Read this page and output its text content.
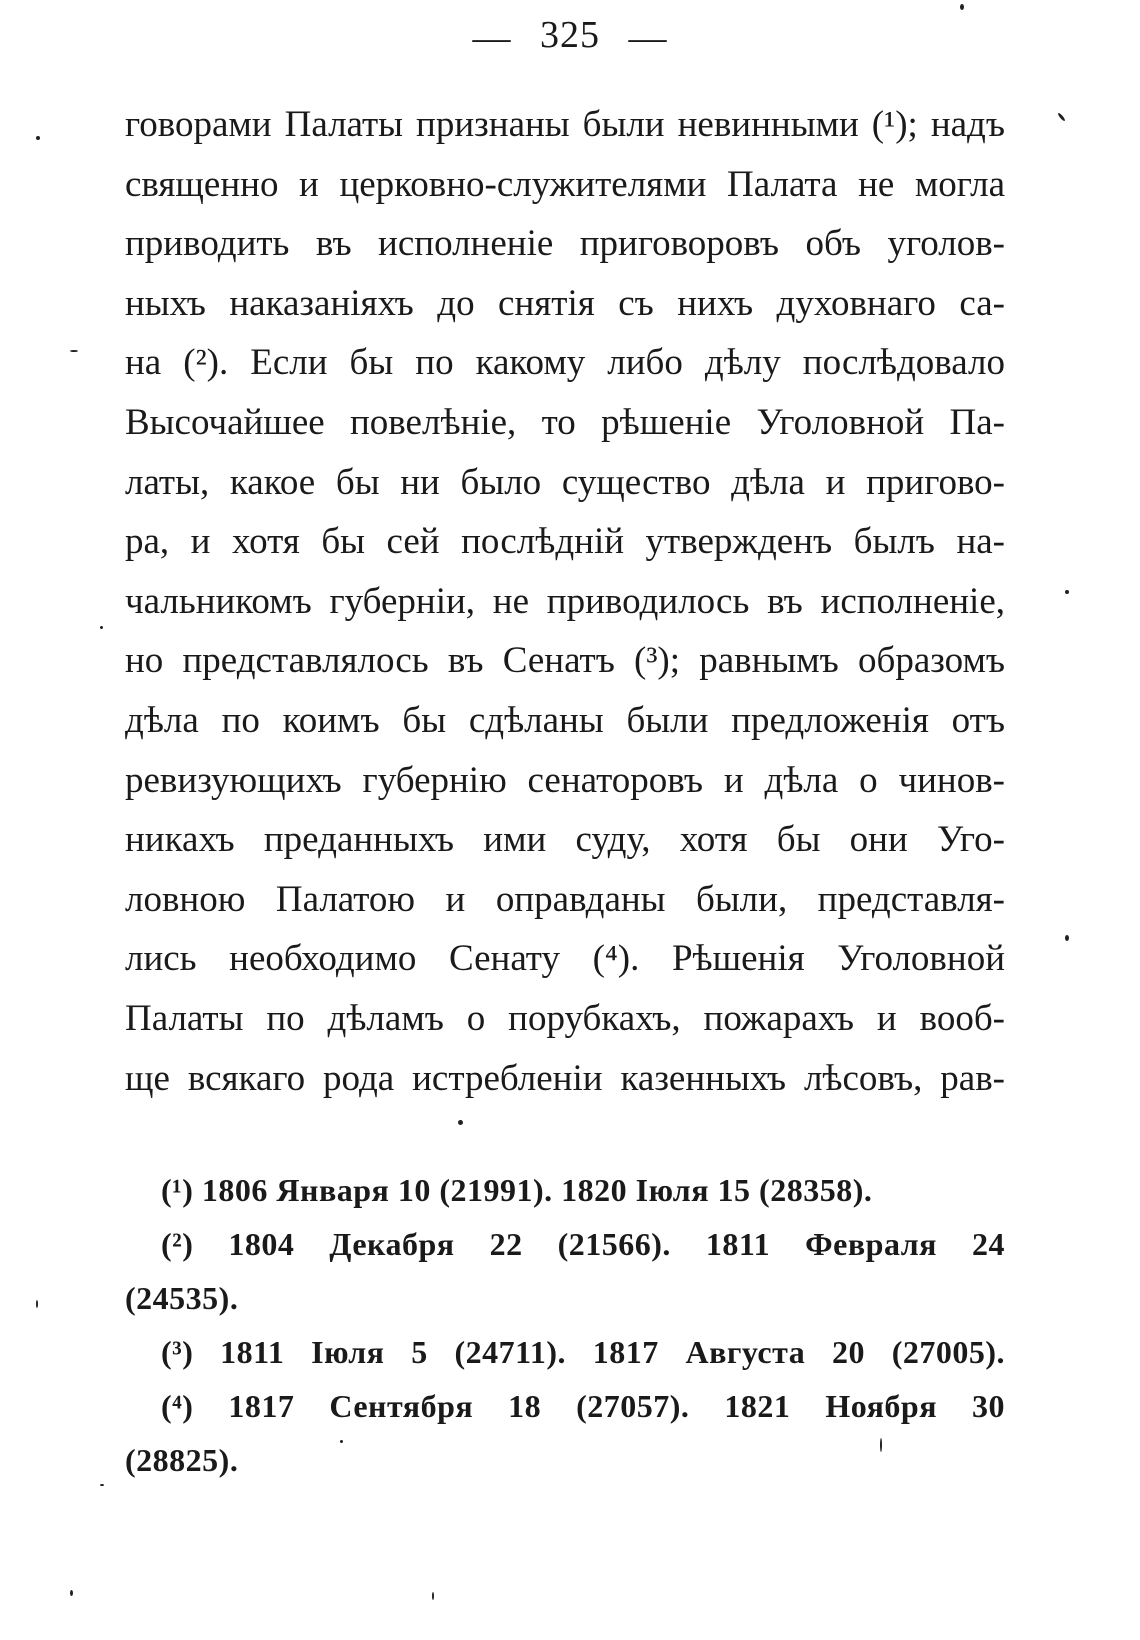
— 325 —
говорами Палаты признаны были невинными (¹); надъ
священно и церковно-служителями Палата не могла
приводить въ исполненіе приговоровъ объ уголов-
ныхъ наказаніяхъ до снятія съ нихъ духовнаго са-
на (²). Если бы по какому либо дѣлу послѣдовало
Высочайшее повелѣніе, то рѣшеніе Уголовной Па-
латы, какое бы ни было существо дѣла и пригово-
ра, и хотя бы сей послѣдній утвержденъ былъ на-
чальникомъ губерніи, не приводилось въ исполненіе,
но представлялось въ Сенатъ (³); равнымъ образомъ
дѣла по коимъ бы сдѣланы были предложенія отъ
ревизующихъ губернію сенаторовъ и дѣла о чинов-
никахъ преданныхъ ими суду, хотя бы они Уго-
ловною Палатою и оправданы были, представля-
лись необходимо Сенату (⁴). Рѣшенія Уголовной
Палаты по дѣламъ о порубкахъ, пожарахъ и вооб-
ще всякаго рода истребленіи казенныхъ лѣсовъ, рав-
(¹) 1806 Января 10 (21991). 1820 Іюля 15 (28358).
(²) 1804 Декабря 22 (21566). 1811 Февраля 24
(24535).
(³) 1811 Іюля 5 (24711). 1817 Августа 20 (27005).
(⁴) 1817 Сентября 18 (27057). 1821 Ноября 30
(28825).
